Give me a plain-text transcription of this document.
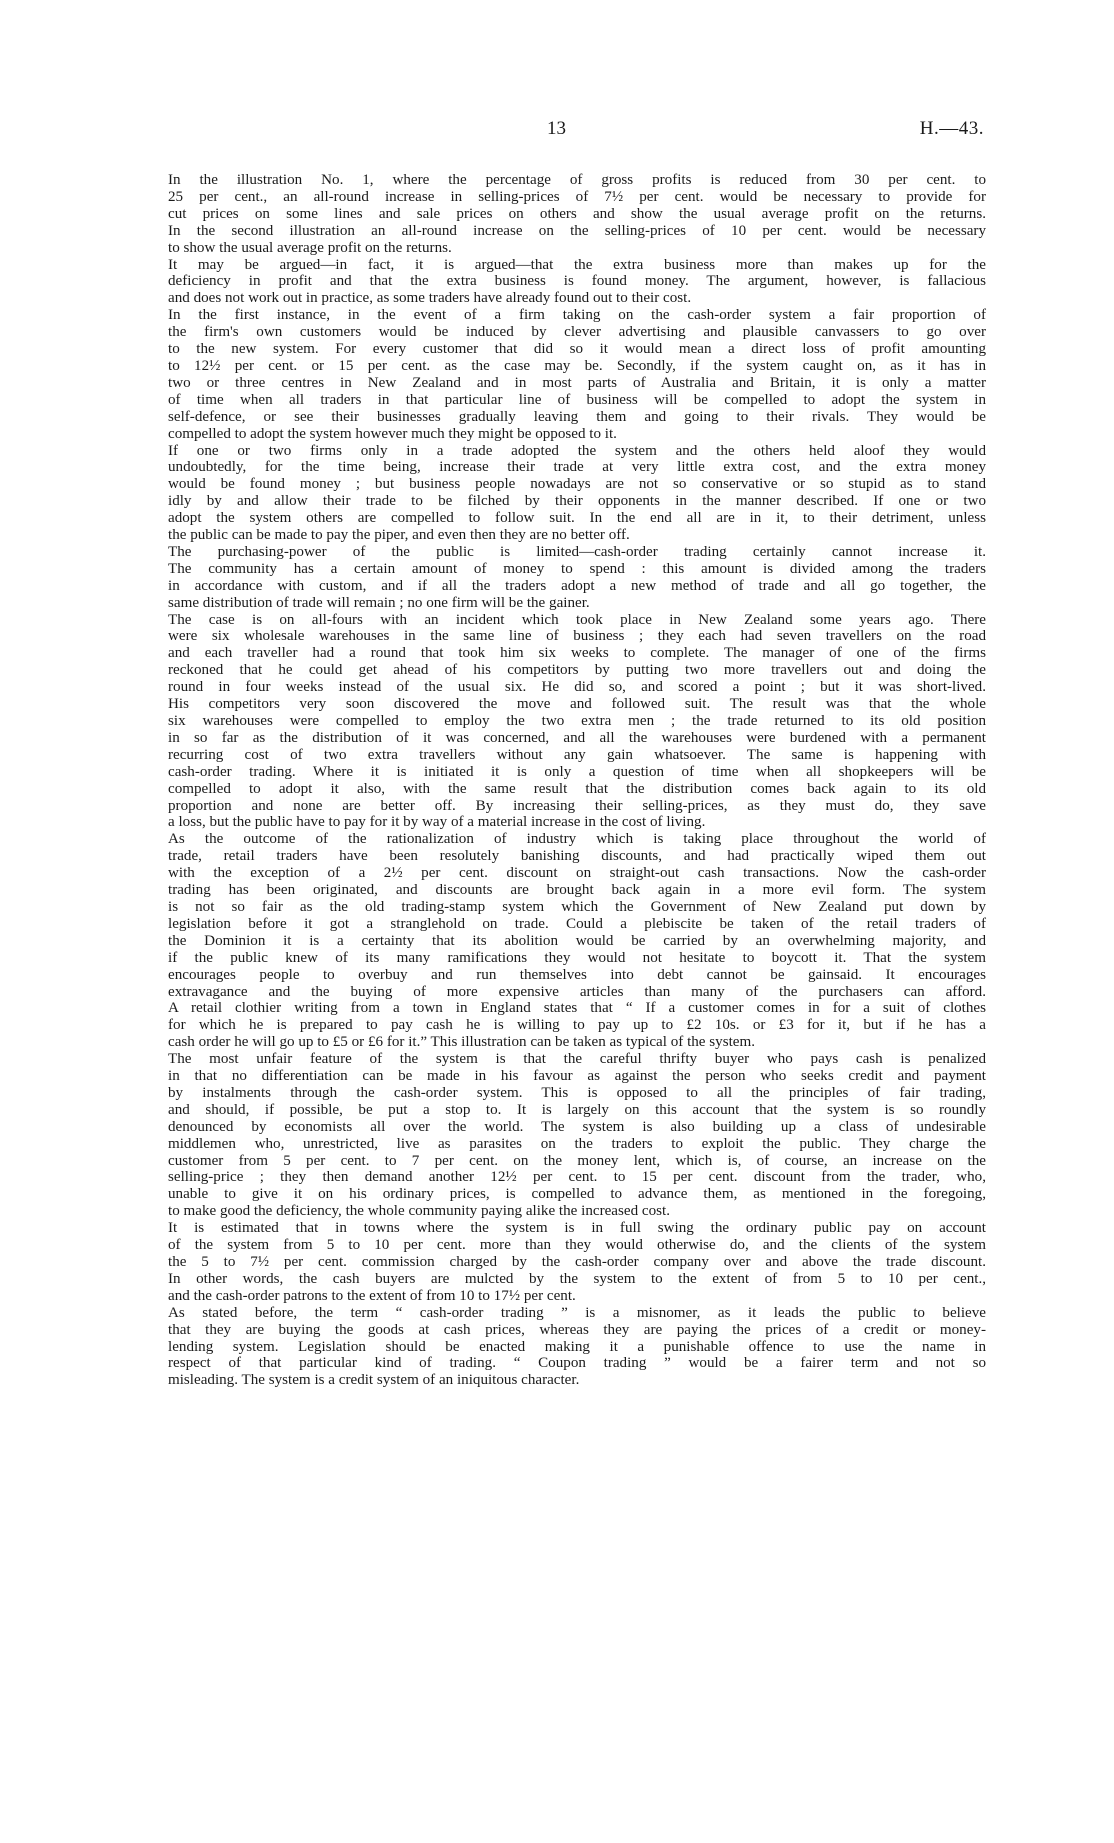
13	H.—43.

In the illustration No. 1, where the percentage of gross profits is reduced from 30 per cent. to
25 per cent., an all-round increase in selling-prices of 7½ per cent. would be necessary to provide for
cut prices on some lines and sale prices on others and show the usual average profit on the returns.
In the second illustration an all-round increase on the selling-prices of 10 per cent. would be necessary
to show the usual average profit on the returns.

It may be argued—in fact, it is argued—that the extra business more than makes up for the
deficiency in profit and that the extra business is found money. The argument, however, is fallacious
and does not work out in practice, as some traders have already found out to their cost.

In the first instance, in the event of a firm taking on the cash-order system a fair proportion of
the firm's own customers would be induced by clever advertising and plausible canvassers to go over
to the new system. For every customer that did so it would mean a direct loss of profit amounting
to 12½ per cent. or 15 per cent. as the case may be. Secondly, if the system caught on, as it has in
two or three centres in New Zealand and in most parts of Australia and Britain, it is only a matter
of time when all traders in that particular line of business will be compelled to adopt the system in
self-defence, or see their businesses gradually leaving them and going to their rivals. They would be
compelled to adopt the system however much they might be opposed to it.

If one or two firms only in a trade adopted the system and the others held aloof they would
undoubtedly, for the time being, increase their trade at very little extra cost, and the extra money
would be found money ; but business people nowadays are not so conservative or so stupid as to stand
idly by and allow their trade to be filched by their opponents in the manner described. If one or two
adopt the system others are compelled to follow suit. In the end all are in it, to their detriment, unless
the public can be made to pay the piper, and even then they are no better off.

The purchasing-power of the public is limited—cash-order trading certainly cannot increase it.
The community has a certain amount of money to spend : this amount is divided among the traders
in accordance with custom, and if all the traders adopt a new method of trade and all go together, the
same distribution of trade will remain ; no one firm will be the gainer.

The case is on all-fours with an incident which took place in New Zealand some years ago. There
were six wholesale warehouses in the same line of business ; they each had seven travellers on the road
and each traveller had a round that took him six weeks to complete. The manager of one of the firms
reckoned that he could get ahead of his competitors by putting two more travellers out and doing the
round in four weeks instead of the usual six. He did so, and scored a point ; but it was short-lived.
His competitors very soon discovered the move and followed suit. The result was that the whole
six warehouses were compelled to employ the two extra men ; the trade returned to its old position
in so far as the distribution of it was concerned, and all the warehouses were burdened with a permanent
recurring cost of two extra travellers without any gain whatsoever. The same is happening with
cash-order trading. Where it is initiated it is only a question of time when all shopkeepers will be
compelled to adopt it also, with the same result that the distribution comes back again to its old
proportion and none are better off. By increasing their selling-prices, as they must do, they save
a loss, but the public have to pay for it by way of a material increase in the cost of living.

As the outcome of the rationalization of industry which is taking place throughout the world of
trade, retail traders have been resolutely banishing discounts, and had practically wiped them out
with the exception of a 2½ per cent. discount on straight-out cash transactions. Now the cash-order
trading has been originated, and discounts are brought back again in a more evil form. The system
is not so fair as the old trading-stamp system which the Government of New Zealand put down by
legislation before it got a stranglehold on trade. Could a plebiscite be taken of the retail traders of
the Dominion it is a certainty that its abolition would be carried by an overwhelming majority, and
if the public knew of its many ramifications they would not hesitate to boycott it. That the system
encourages people to overbuy and run themselves into debt cannot be gainsaid. It encourages
extravagance and the buying of more expensive articles than many of the purchasers can afford.
A retail clothier writing from a town in England states that “ If a customer comes in for a suit of clothes
for which he is prepared to pay cash he is willing to pay up to £2 10s. or £3 for it, but if he has a
cash order he will go up to £5 or £6 for it.” This illustration can be taken as typical of the system.

The most unfair feature of the system is that the careful thrifty buyer who pays cash is penalized
in that no differentiation can be made in his favour as against the person who seeks credit and payment
by instalments through the cash-order system. This is opposed to all the principles of fair trading,
and should, if possible, be put a stop to. It is largely on this account that the system is so roundly
denounced by economists all over the world. The system is also building up a class of undesirable
middlemen who, unrestricted, live as parasites on the traders to exploit the public. They charge the
customer from 5 per cent. to 7 per cent. on the money lent, which is, of course, an increase on the
selling-price ; they then demand another 12½ per cent. to 15 per cent. discount from the trader, who,
unable to give it on his ordinary prices, is compelled to advance them, as mentioned in the foregoing,
to make good the deficiency, the whole community paying alike the increased cost.

It is estimated that in towns where the system is in full swing the ordinary public pay on account
of the system from 5 to 10 per cent. more than they would otherwise do, and the clients of the system
the 5 to 7½ per cent. commission charged by the cash-order company over and above the trade discount.
In other words, the cash buyers are mulcted by the system to the extent of from 5 to 10 per cent.,
and the cash-order patrons to the extent of from 10 to 17½ per cent.

As stated before, the term “ cash-order trading ” is a misnomer, as it leads the public to believe
that they are buying the goods at cash prices, whereas they are paying the prices of a credit or money-
lending system. Legislation should be enacted making it a punishable offence to use the name in
respect of that particular kind of trading. “ Coupon trading ” would be a fairer term and not so
misleading. The system is a credit system of an iniquitous character.
